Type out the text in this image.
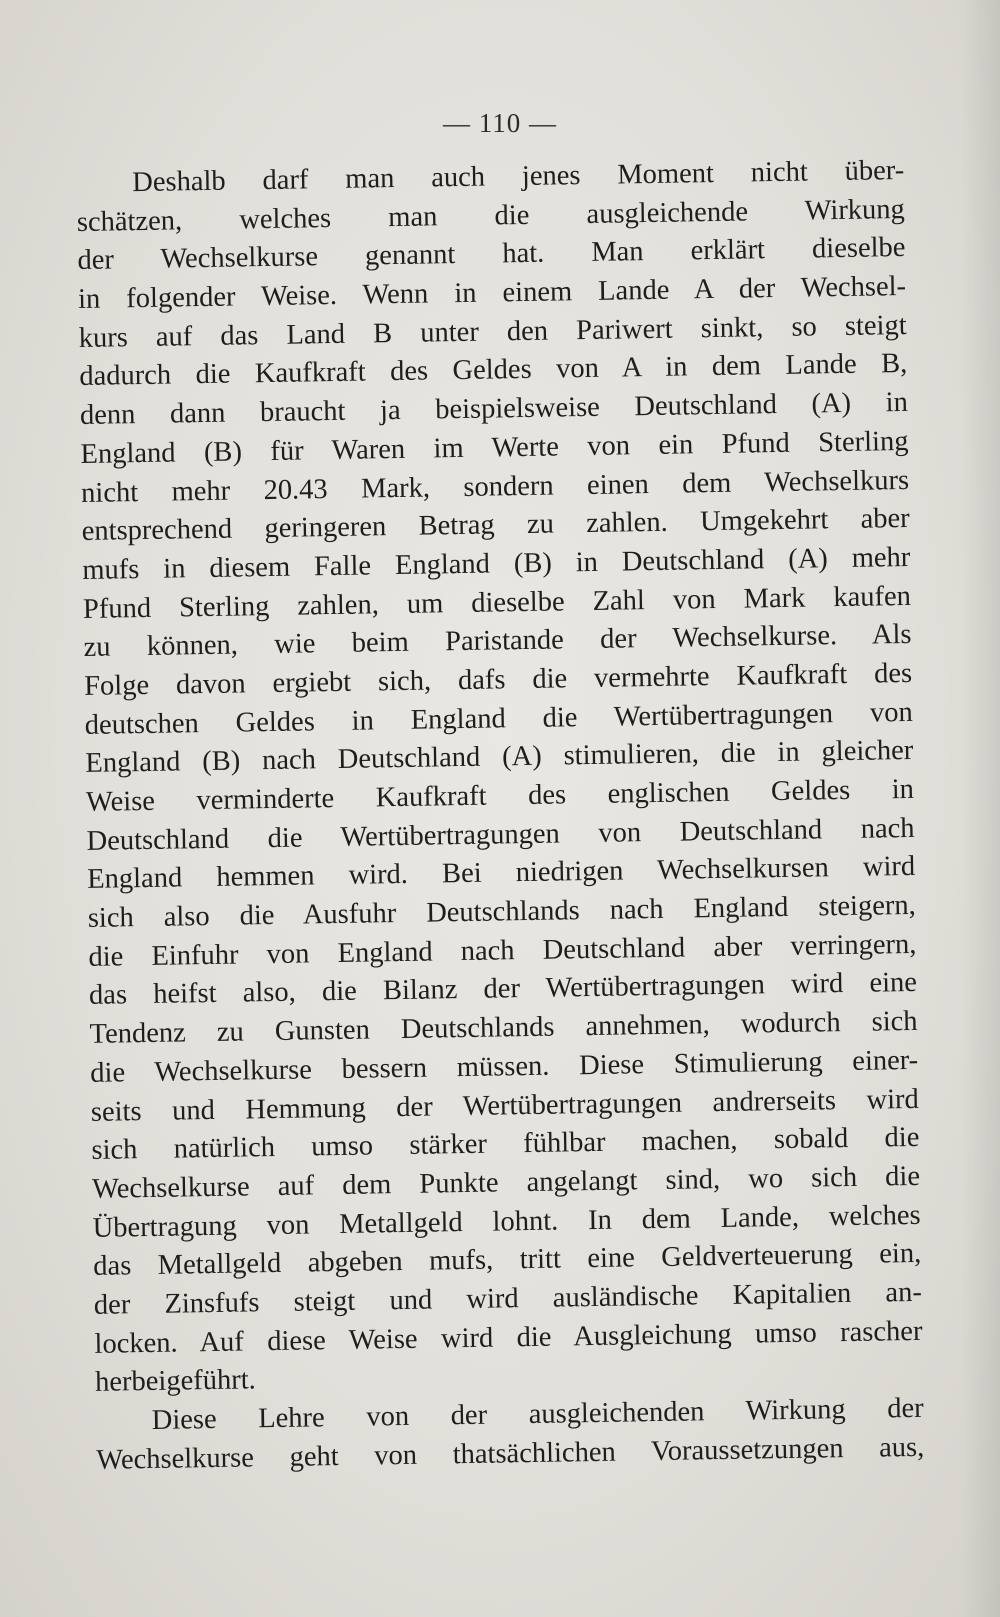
— 110 —
Deshalb darf man auch jenes Moment nicht über-
schätzen, welches man die ausgleichende Wirkung
der Wechselkurse genannt hat. Man erklärt dieselbe
in folgender Weise. Wenn in einem Lande A der Wechsel-
kurs auf das Land B unter den Pariwert sinkt, so steigt
dadurch die Kaufkraft des Geldes von A in dem Lande B,
denn dann braucht ja beispielsweise Deutschland (A) in
England (B) für Waren im Werte von ein Pfund Sterling
nicht mehr 20.43 Mark, sondern einen dem Wechselkurs
entsprechend geringeren Betrag zu zahlen. Umgekehrt aber
mufs in diesem Falle England (B) in Deutschland (A) mehr
Pfund Sterling zahlen, um dieselbe Zahl von Mark kaufen
zu können, wie beim Paristande der Wechselkurse. Als
Folge davon ergiebt sich, dafs die vermehrte Kaufkraft des
deutschen Geldes in England die Wertübertragungen von
England (B) nach Deutschland (A) stimulieren, die in gleicher
Weise verminderte Kaufkraft des englischen Geldes in
Deutschland die Wertübertragungen von Deutschland nach
England hemmen wird. Bei niedrigen Wechselkursen wird
sich also die Ausfuhr Deutschlands nach England steigern,
die Einfuhr von England nach Deutschland aber verringern,
das heifst also, die Bilanz der Wertübertragungen wird eine
Tendenz zu Gunsten Deutschlands annehmen, wodurch sich
die Wechselkurse bessern müssen. Diese Stimulierung einer-
seits und Hemmung der Wertübertragungen andrerseits wird
sich natürlich umso stärker fühlbar machen, sobald die
Wechselkurse auf dem Punkte angelangt sind, wo sich die
Übertragung von Metallgeld lohnt. In dem Lande, welches
das Metallgeld abgeben mufs, tritt eine Geldverteuerung ein,
der Zinsfufs steigt und wird ausländische Kapitalien an-
locken. Auf diese Weise wird die Ausgleichung umso rascher
herbeigeführt.
Diese Lehre von der ausgleichenden Wirkung der
Wechselkurse geht von thatsächlichen Voraussetzungen aus,
